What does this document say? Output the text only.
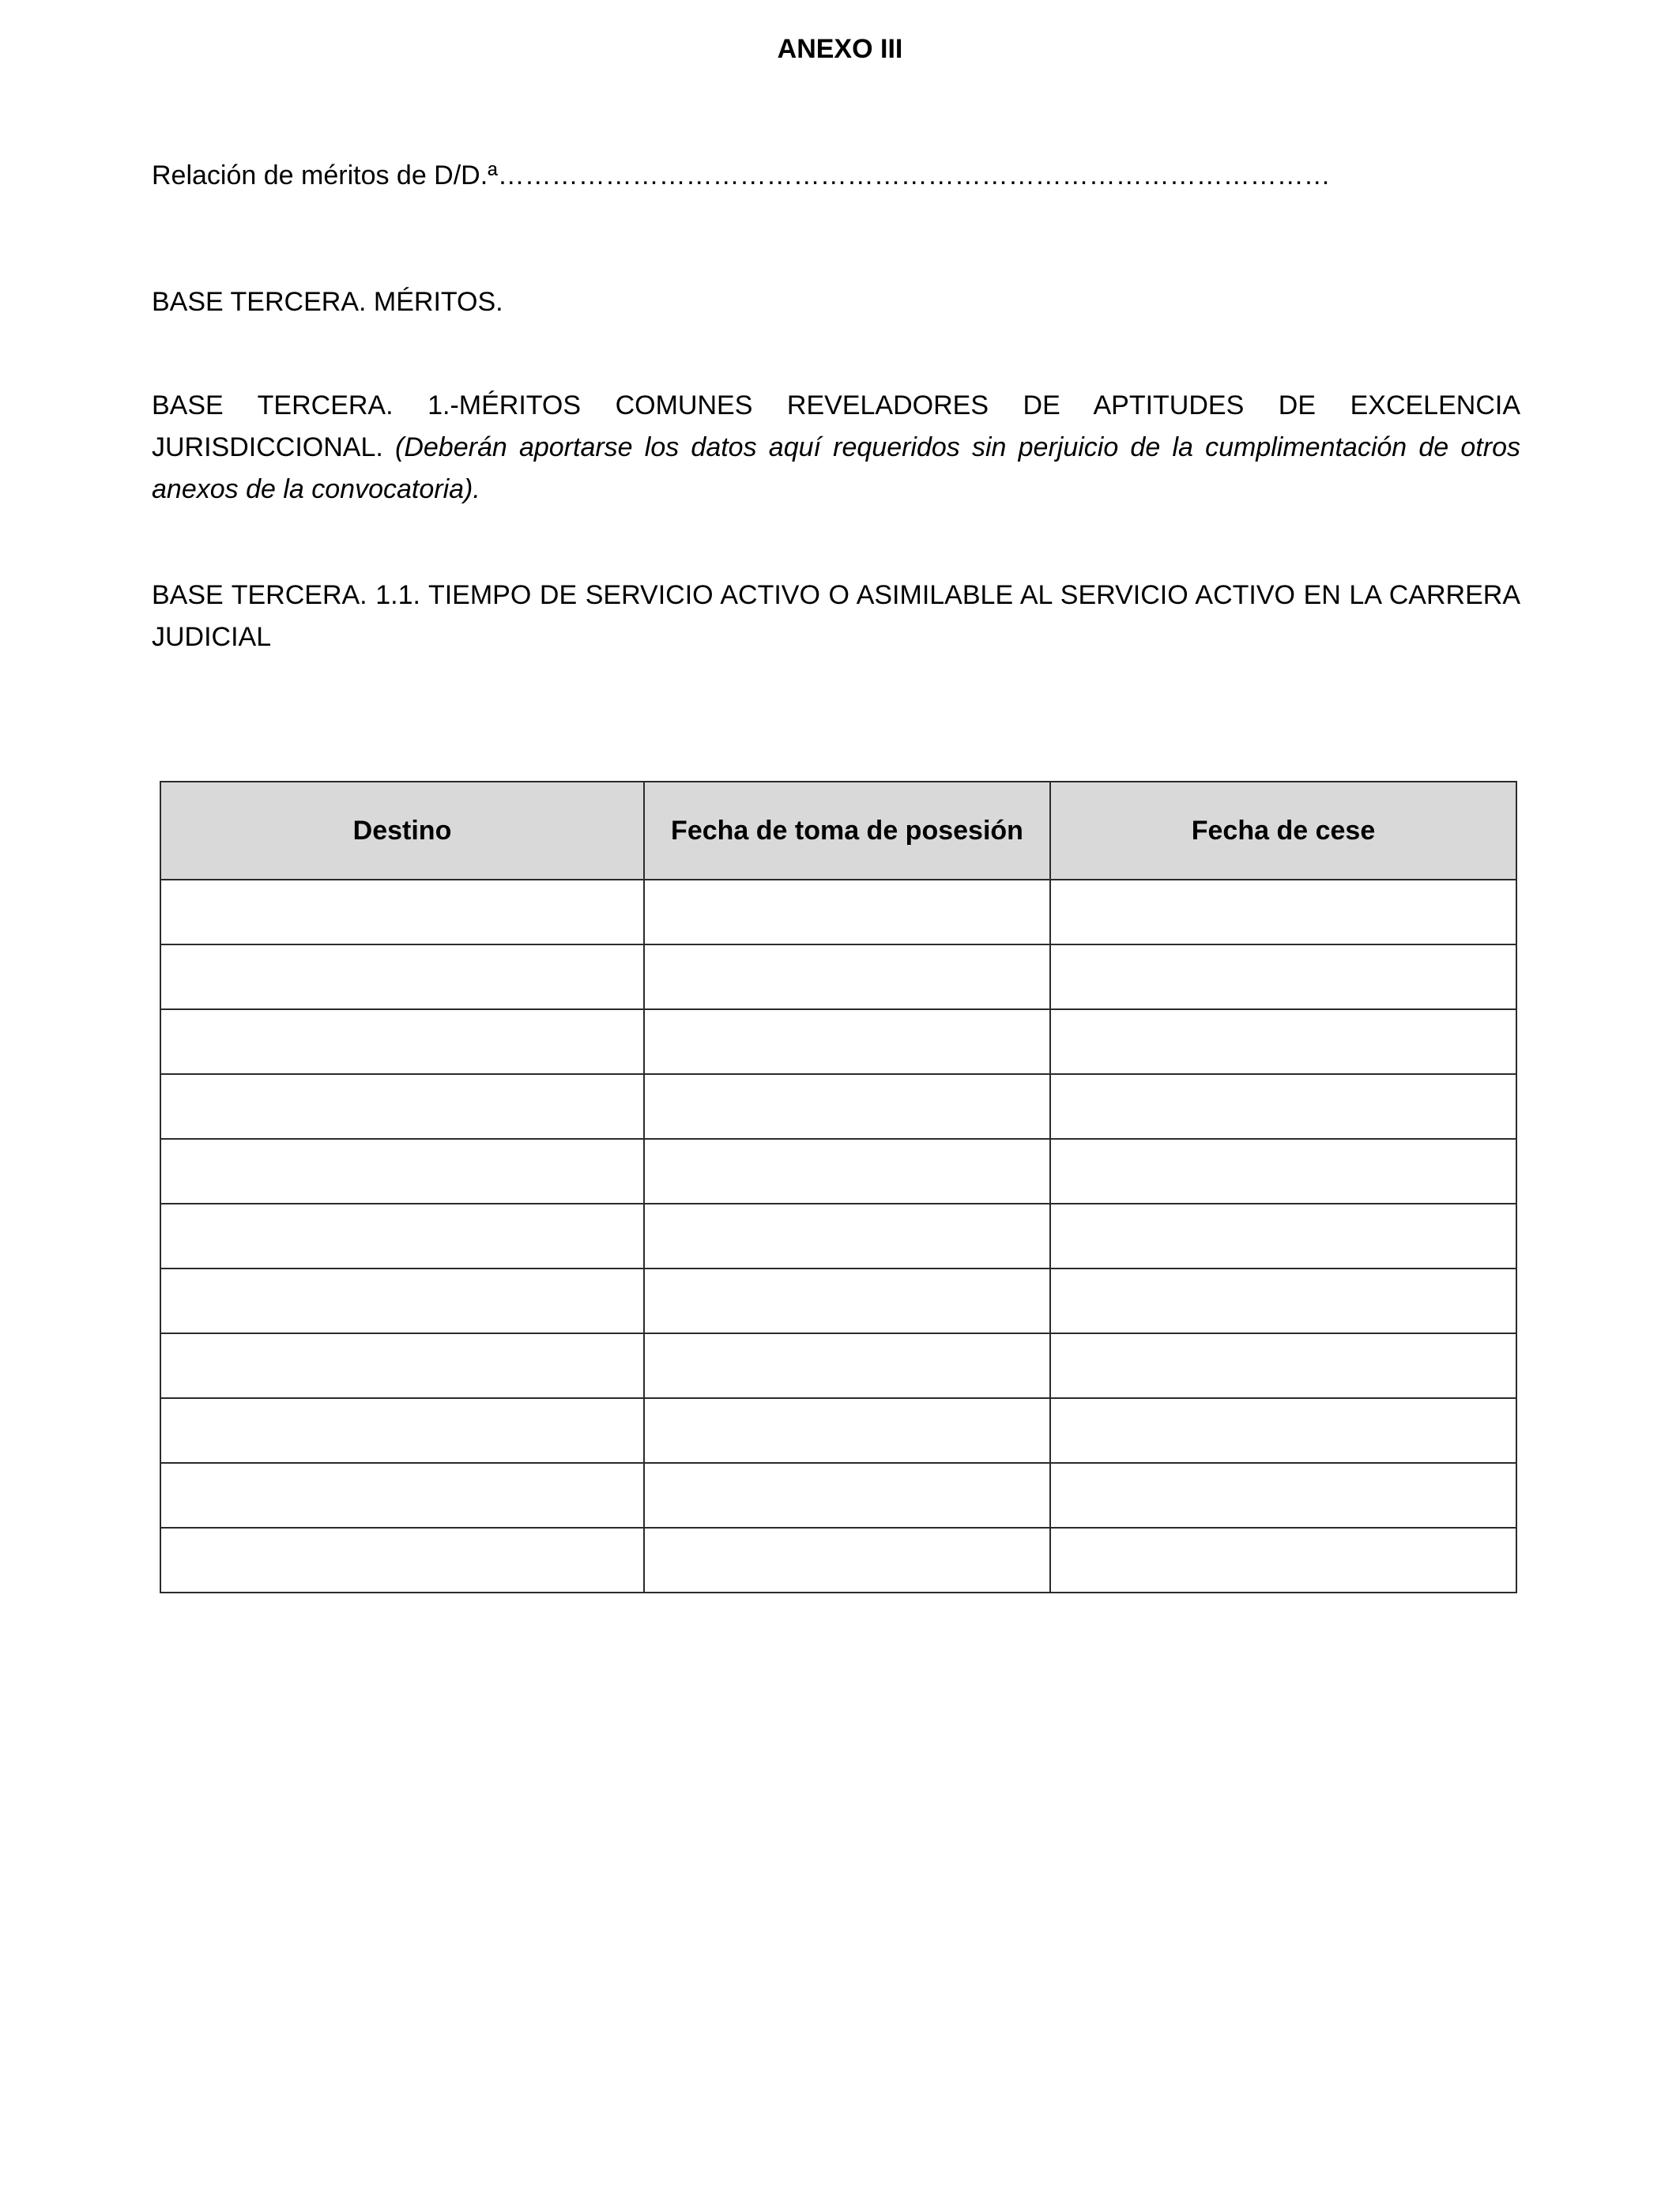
ANEXO III
Relación de méritos de D/D.ª…………………………………………………………………………………
BASE TERCERA. MÉRITOS.
BASE TERCERA. 1.-MÉRITOS COMUNES REVELADORES DE APTITUDES DE EXCELENCIA JURISDICCIONAL. (Deberán aportarse los datos aquí requeridos sin perjuicio de la cumplimentación de otros anexos de la convocatoria).
BASE TERCERA. 1.1. TIEMPO DE SERVICIO ACTIVO O ASIMILABLE AL SERVICIO ACTIVO EN LA CARRERA JUDICIAL
Destino	Fecha de toma de posesión	Fecha de cese
